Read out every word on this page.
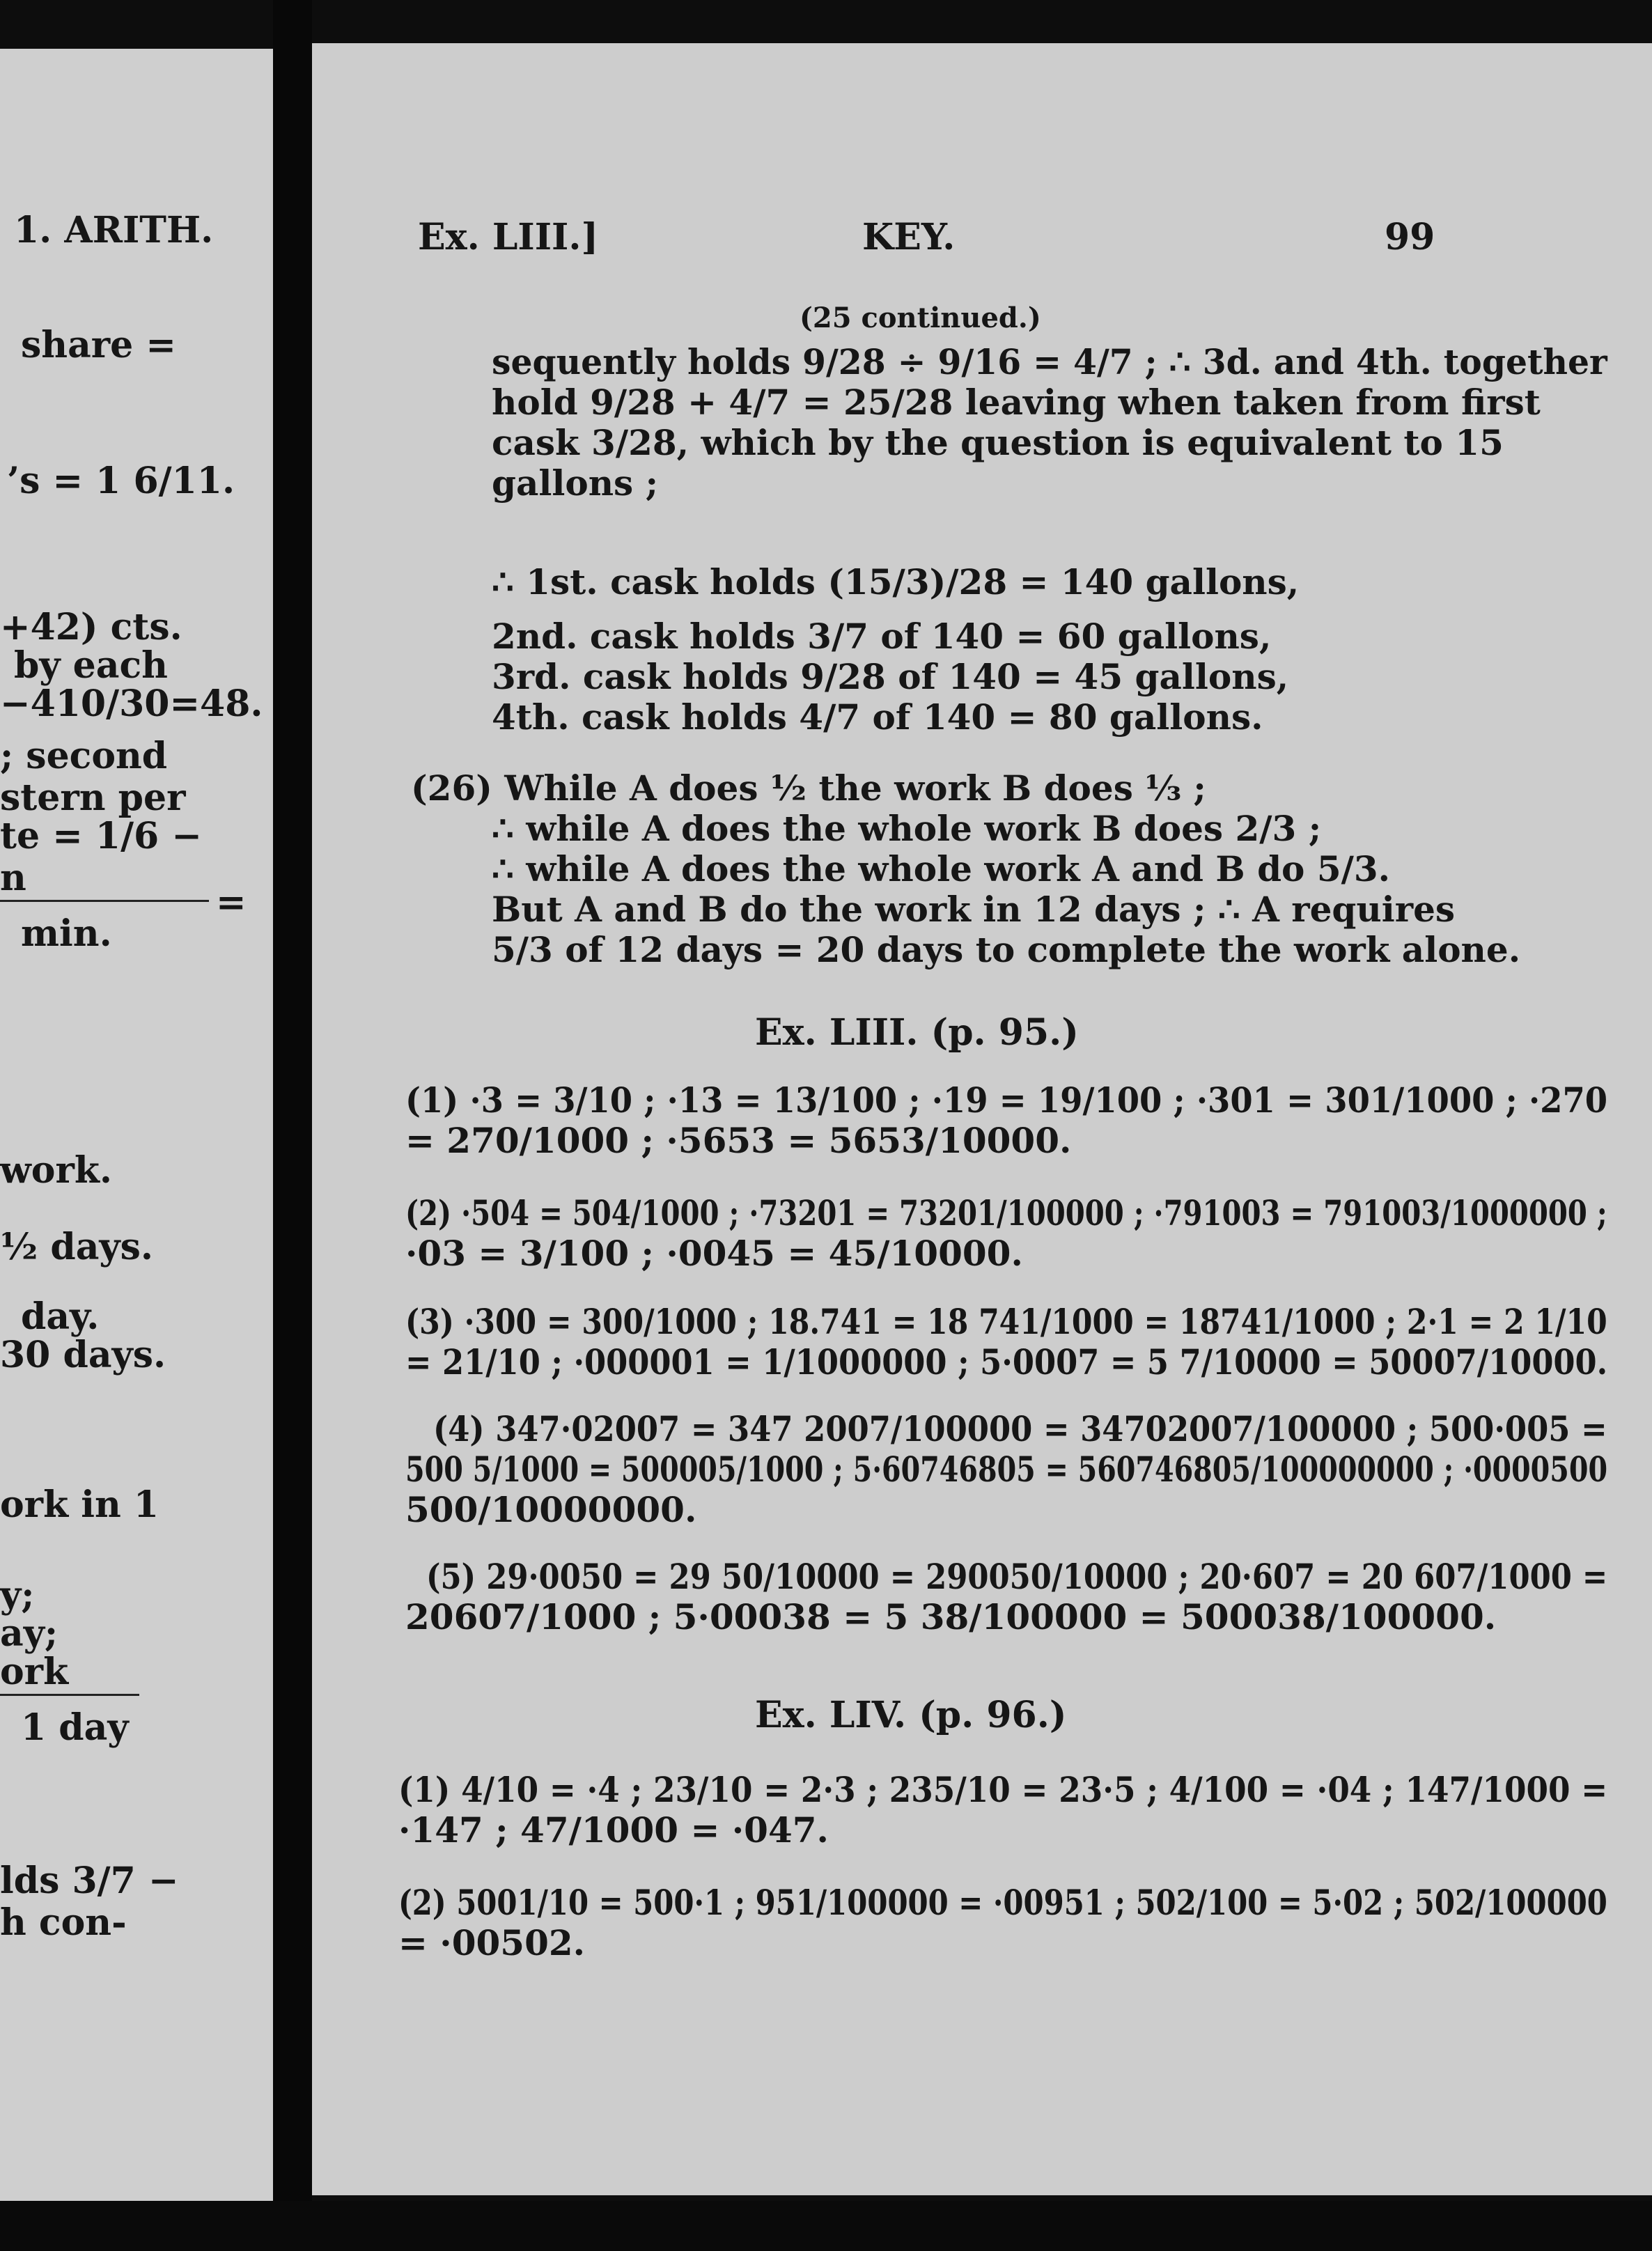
1. ARITH.
share =
’s = 1 6/11.
+42) cts.
by each
−410/30=48.
; second
stern per
te = 1/6 −
n
=
min.
work.
½ days.
day.
30 days.
ork in 1
y;
ay;
ork
1 day
lds 3/7 −
h con-
Ex. LIII.]	KEY.	99
(25 continued.)
sequently holds 9/28 ÷ 9/16 = 4/7 ; ∴ 3d. and 4th. together
hold 9/28 + 4/7 = 25/28 leaving when taken from first
cask 3/28, which by the question is equivalent to 15
gallons ;
∴ 1st. cask holds (15/3)/28 = 140 gallons,
2nd. cask holds 3/7 of 140 = 60 gallons,
3rd. cask holds 9/28 of 140 = 45 gallons,
4th. cask holds 4/7 of 140 = 80 gallons.
(26) While A does ½ the work B does ⅓ ;
∴ while A does the whole work B does 2/3 ;
∴ while A does the whole work A and B do 5/3.
But A and B do the work in 12 days ; ∴ A requires
5/3 of 12 days = 20 days to complete the work alone.
Ex. LIII. (p. 95.)
(1) ·3 = 3/10 ; ·13 = 13/100 ; ·19 = 19/100 ; ·301 = 301/1000 ; ·270
= 270/1000 ; ·5653 = 5653/10000.
(2) ·504 = 504/1000 ; ·73201 = 73201/100000 ; ·791003 = 791003/1000000 ;
·03 = 3/100 ; ·0045 = 45/10000.
(3) ·300 = 300/1000 ; 18.741 = 18 741/1000 = 18741/1000 ; 2·1 = 2 1/10
= 21/10 ; ·000001 = 1/1000000 ; 5·0007 = 5 7/10000 = 50007/10000.
(4) 347·02007 = 347 2007/100000 = 34702007/100000 ; 500·005 =
500 5/1000 = 500005/1000 ; 5·60746805 = 560746805/100000000 ; ·0000500
500/10000000.
(5) 29·0050 = 29 50/10000 = 290050/10000 ; 20·607 = 20 607/1000 =
20607/1000 ; 5·00038 = 5 38/100000 = 500038/100000.
Ex. LIV. (p. 96.)
(1) 4/10 = ·4 ; 23/10 = 2·3 ; 235/10 = 23·5 ; 4/100 = ·04 ; 147/1000 =
·147 ; 47/1000 = ·047.
(2) 5001/10 = 500·1 ; 951/100000 = ·00951 ; 502/100 = 5·02 ; 502/100000
= ·00502.
